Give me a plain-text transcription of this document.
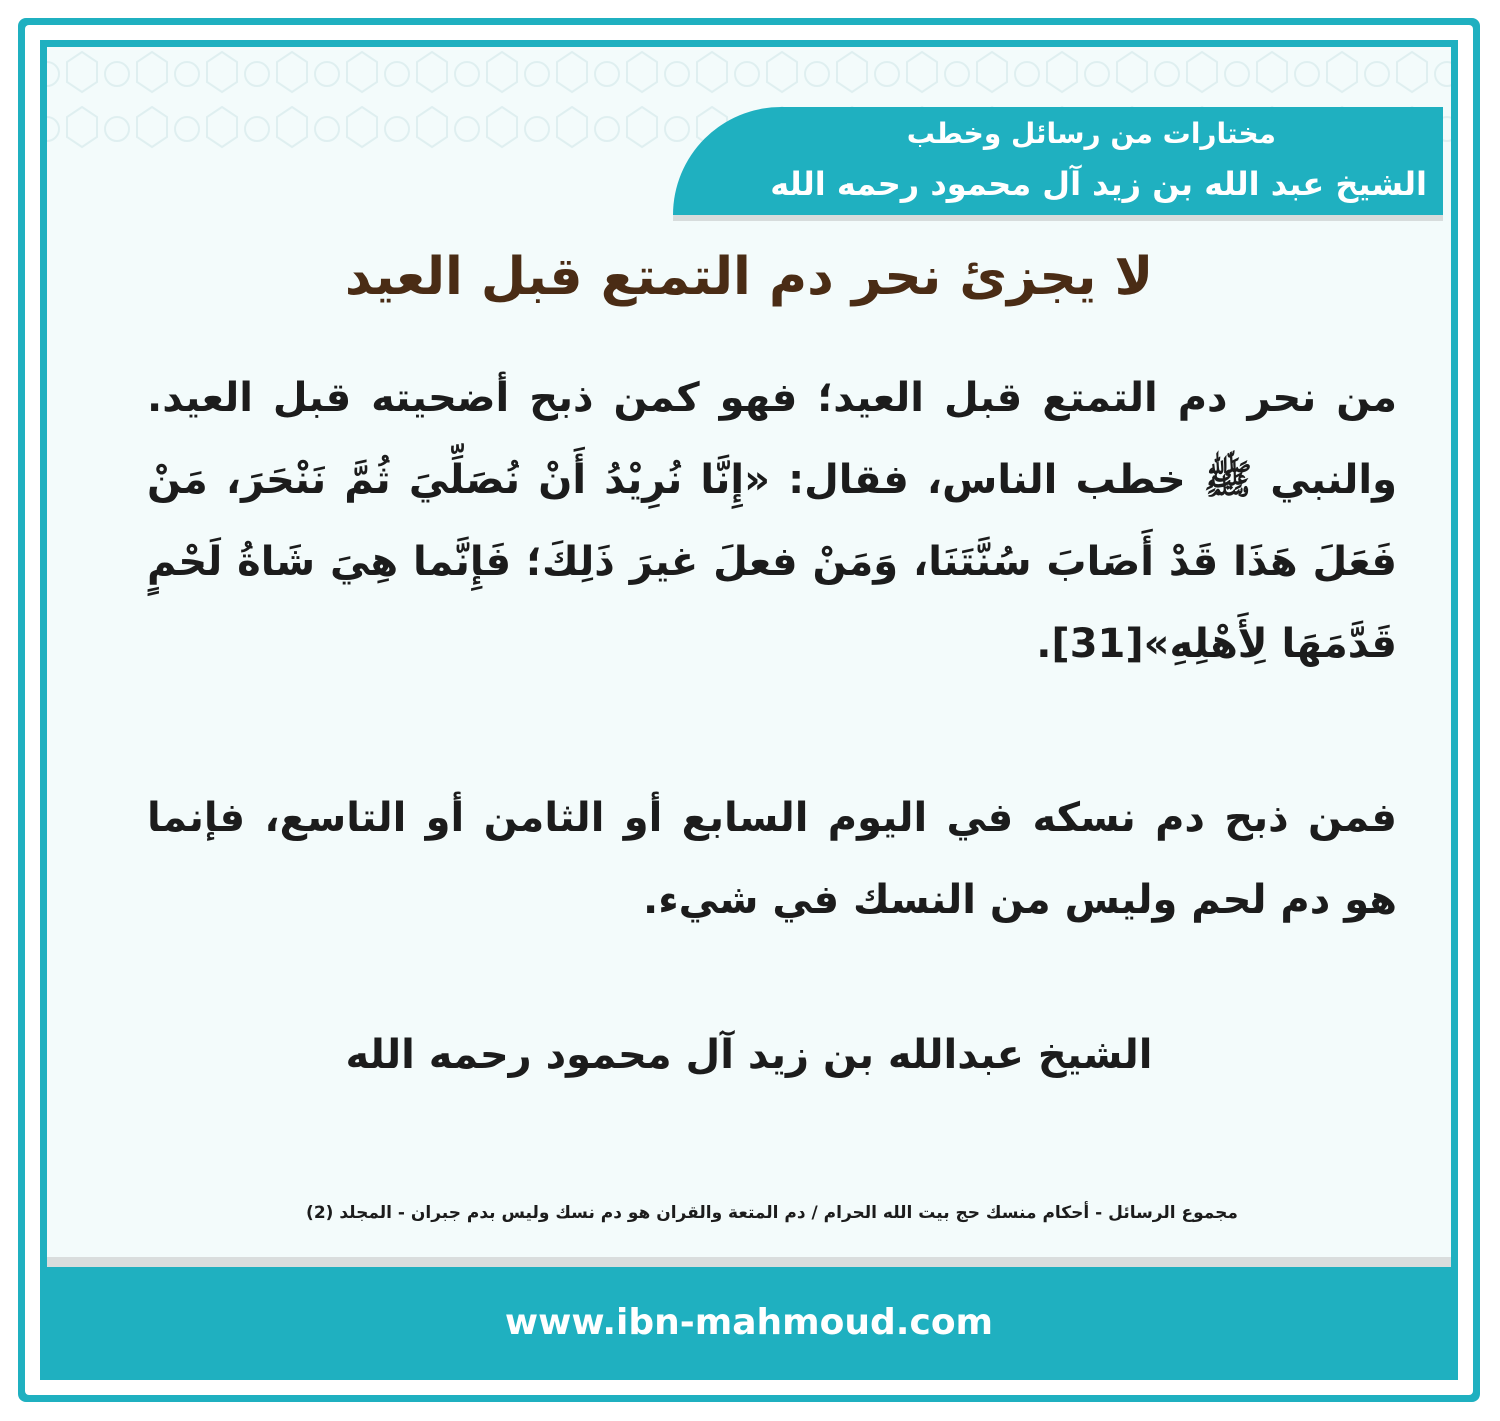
مختارات من رسائل وخطب
الشيخ عبد الله بن زيد آل محمود رحمه الله
لا يجزئ نحر دم التمتع قبل العيد
من نحر دم التمتع قبل العيد؛ فهو كمن ذبح أضحيته قبل العيد. والنبي ﷺ خطب الناس، فقال: «إِنَّا نُرِيْدُ أَنْ نُصَلِّيَ ثُمَّ نَنْحَرَ، مَنْ فَعَلَ هَذَا قَدْ أَصَابَ سُنَّتَنَا، وَمَنْ فعلَ غيرَ ذَلِكَ؛ فَإِنَّما هِيَ شَاةُ لَحْمٍ قَدَّمَهَا لِأَهْلِهِ»[31].
فمن ذبح دم نسكه في اليوم السابع أو الثامن أو التاسع، فإنما هو دم لحم وليس من النسك في شيء.
الشيخ عبدالله بن زيد آل محمود رحمه الله
مجموع الرسائل - أحكام منسك حج بيت الله الحرام / دم المتعة والقران هو دم نسك وليس بدم جبران - المجلد (2)
www.ibn-mahmoud.com
